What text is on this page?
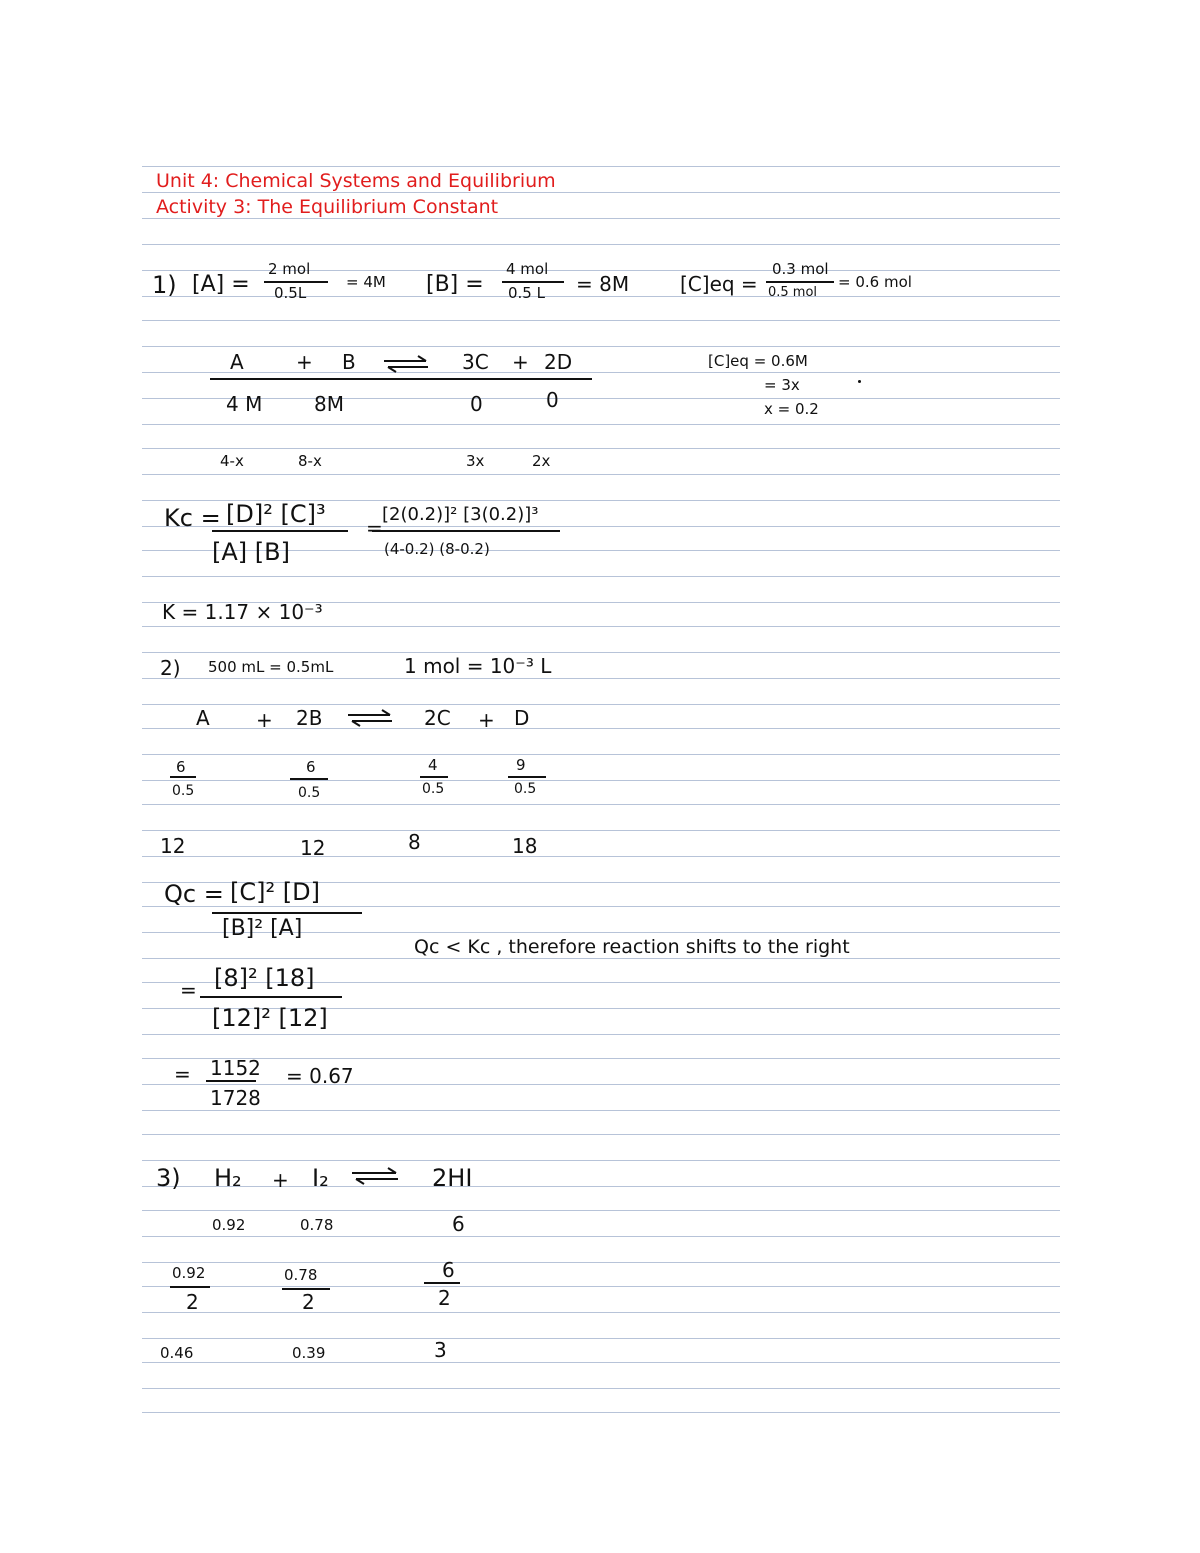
Unit 4: Chemical Systems and Equilibrium
Activity 3: The Equilibrium Constant
1) [A] =
2 mol
0.5L
= 4M [B] =
4 mol
0.5 L = 8M	[C]eq =
0.3 mol
0.5 mol
= 0.6 mol
A	+ B	3C + 2D
4 M	8M	0	0
[C]eq = 0.6M
= 3x
x = 0.2
4-x	8-x	3x	2x
Kc = [D]² [C]³
[A] [B]
=
[2(0.2)]² [3(0.2)]³
(4-0.2) (8-0.2)
K = 1.17 × 10⁻³
2) 500 mL = 0.5mL	1 mol = 10⁻³ L
A + 2B ⇌ 2C + D
6
0.5
6
0.5
4
0.5
9
0.5
12	12	8	18
Qc = [C]² [D]
[B]² [A]
Qc < Kc , therefore reaction shifts to the right
= [8]² [18]
[12]² [12]
= 1152
1728
= 0.67
3) H₂ + I₂ ⇌ 2HI
0.92	0.78	6
0.92
2
0.78
2
6
2
0.46	0.39	3
